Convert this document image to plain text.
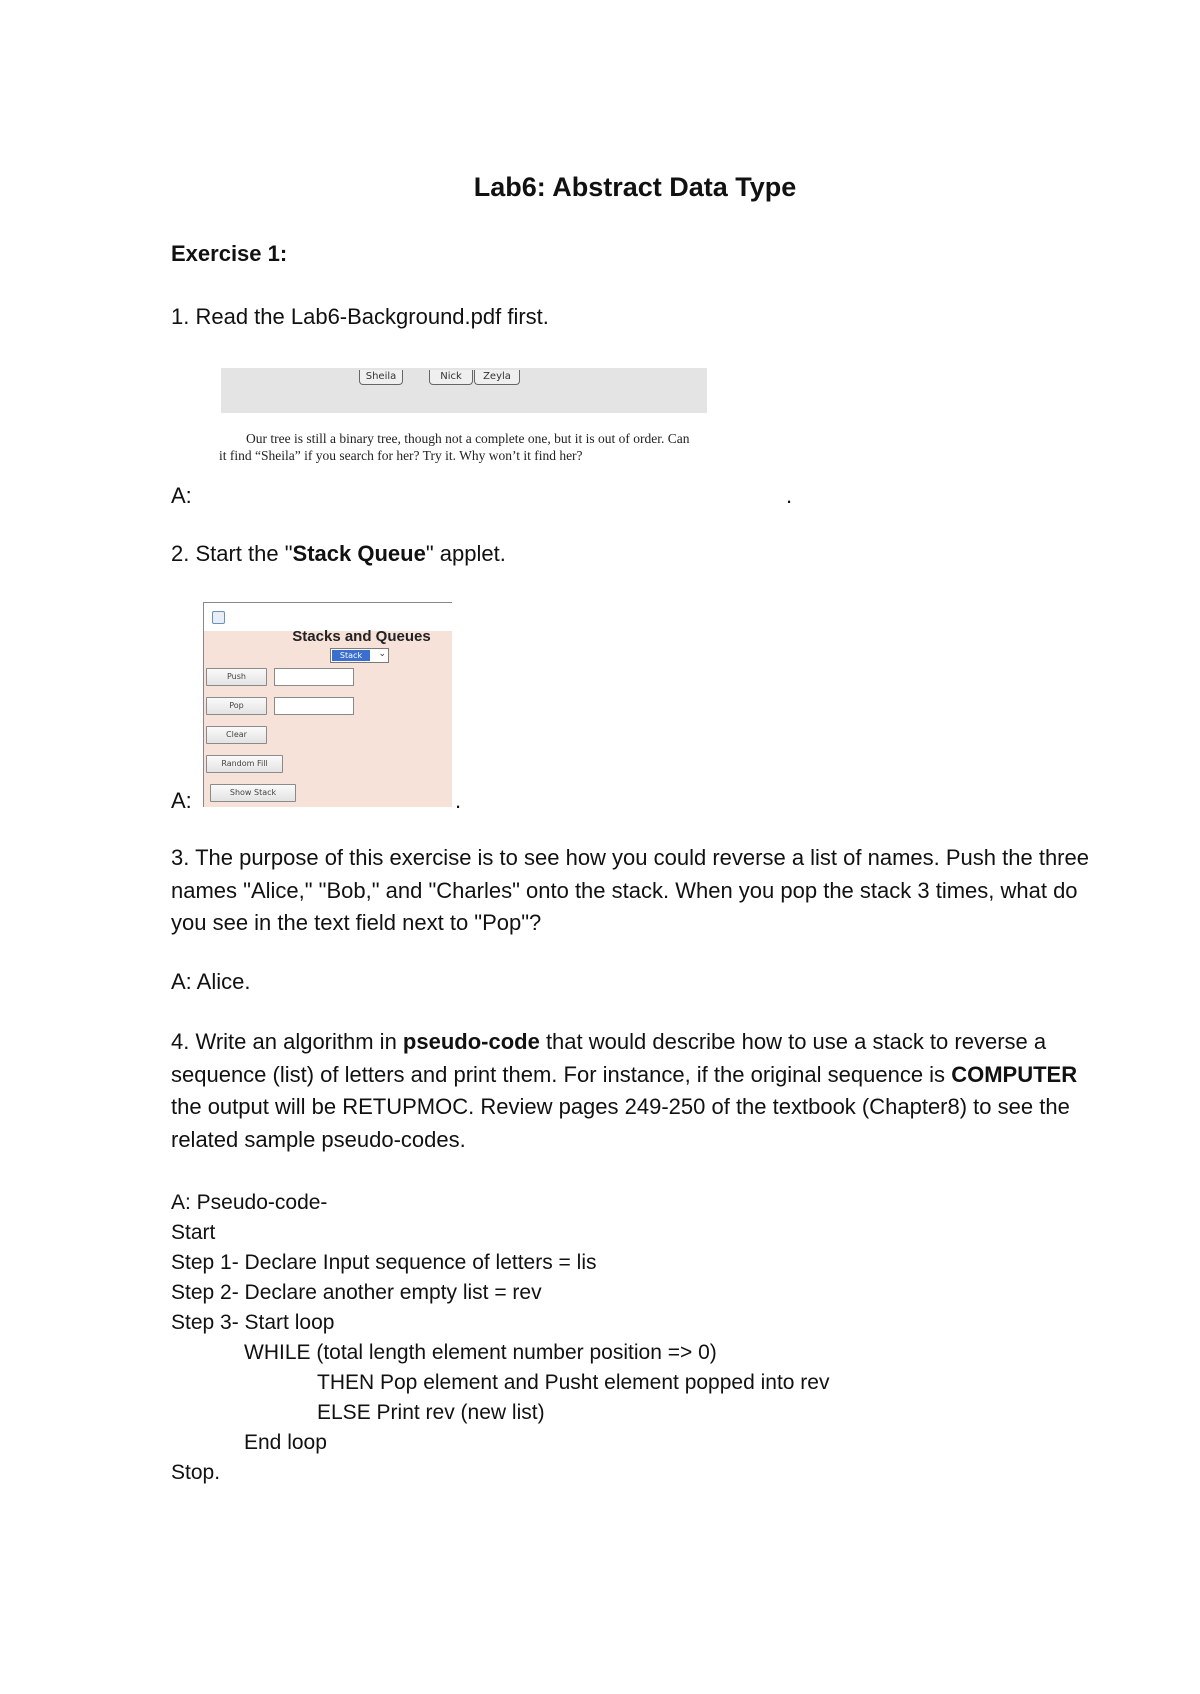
Lab6: Abstract Data Type
Exercise 1:
1. Read the Lab6-Background.pdf first.
Sheila	Nick	Zeyla
Our tree is still a binary tree, though not a complete one, but it is out of order. Can
it find “Sheila” if you search for her? Try it. Why won’t it find her?
A:	.
2. Start the "Stack Queue" applet.
Stacks and Queues
Stack	⌄
Push
Pop
Clear
Random Fill
Show Stack
A:	.
3. The purpose of this exercise is to see how you could reverse a list of names. Push the three names "Alice," "Bob," and "Charles" onto the stack. When you pop the stack 3 times, what do you see in the text field next to "Pop"?
A: Alice.
4. Write an algorithm in pseudo-code that would describe how to use a stack to reverse a sequence (list) of letters and print them. For instance, if the original sequence is COMPUTER the output will be RETUPMOC. Review pages 249-250 of the textbook (Chapter8) to see the related sample pseudo-codes.
A: Pseudo-code-
Start
Step 1- Declare Input sequence of letters = lis
Step 2- Declare another empty list = rev
Step 3- Start loop
WHILE (total length element number position => 0)
THEN Pop element and Pusht element popped into rev
ELSE Print rev (new list)
End loop
Stop.
